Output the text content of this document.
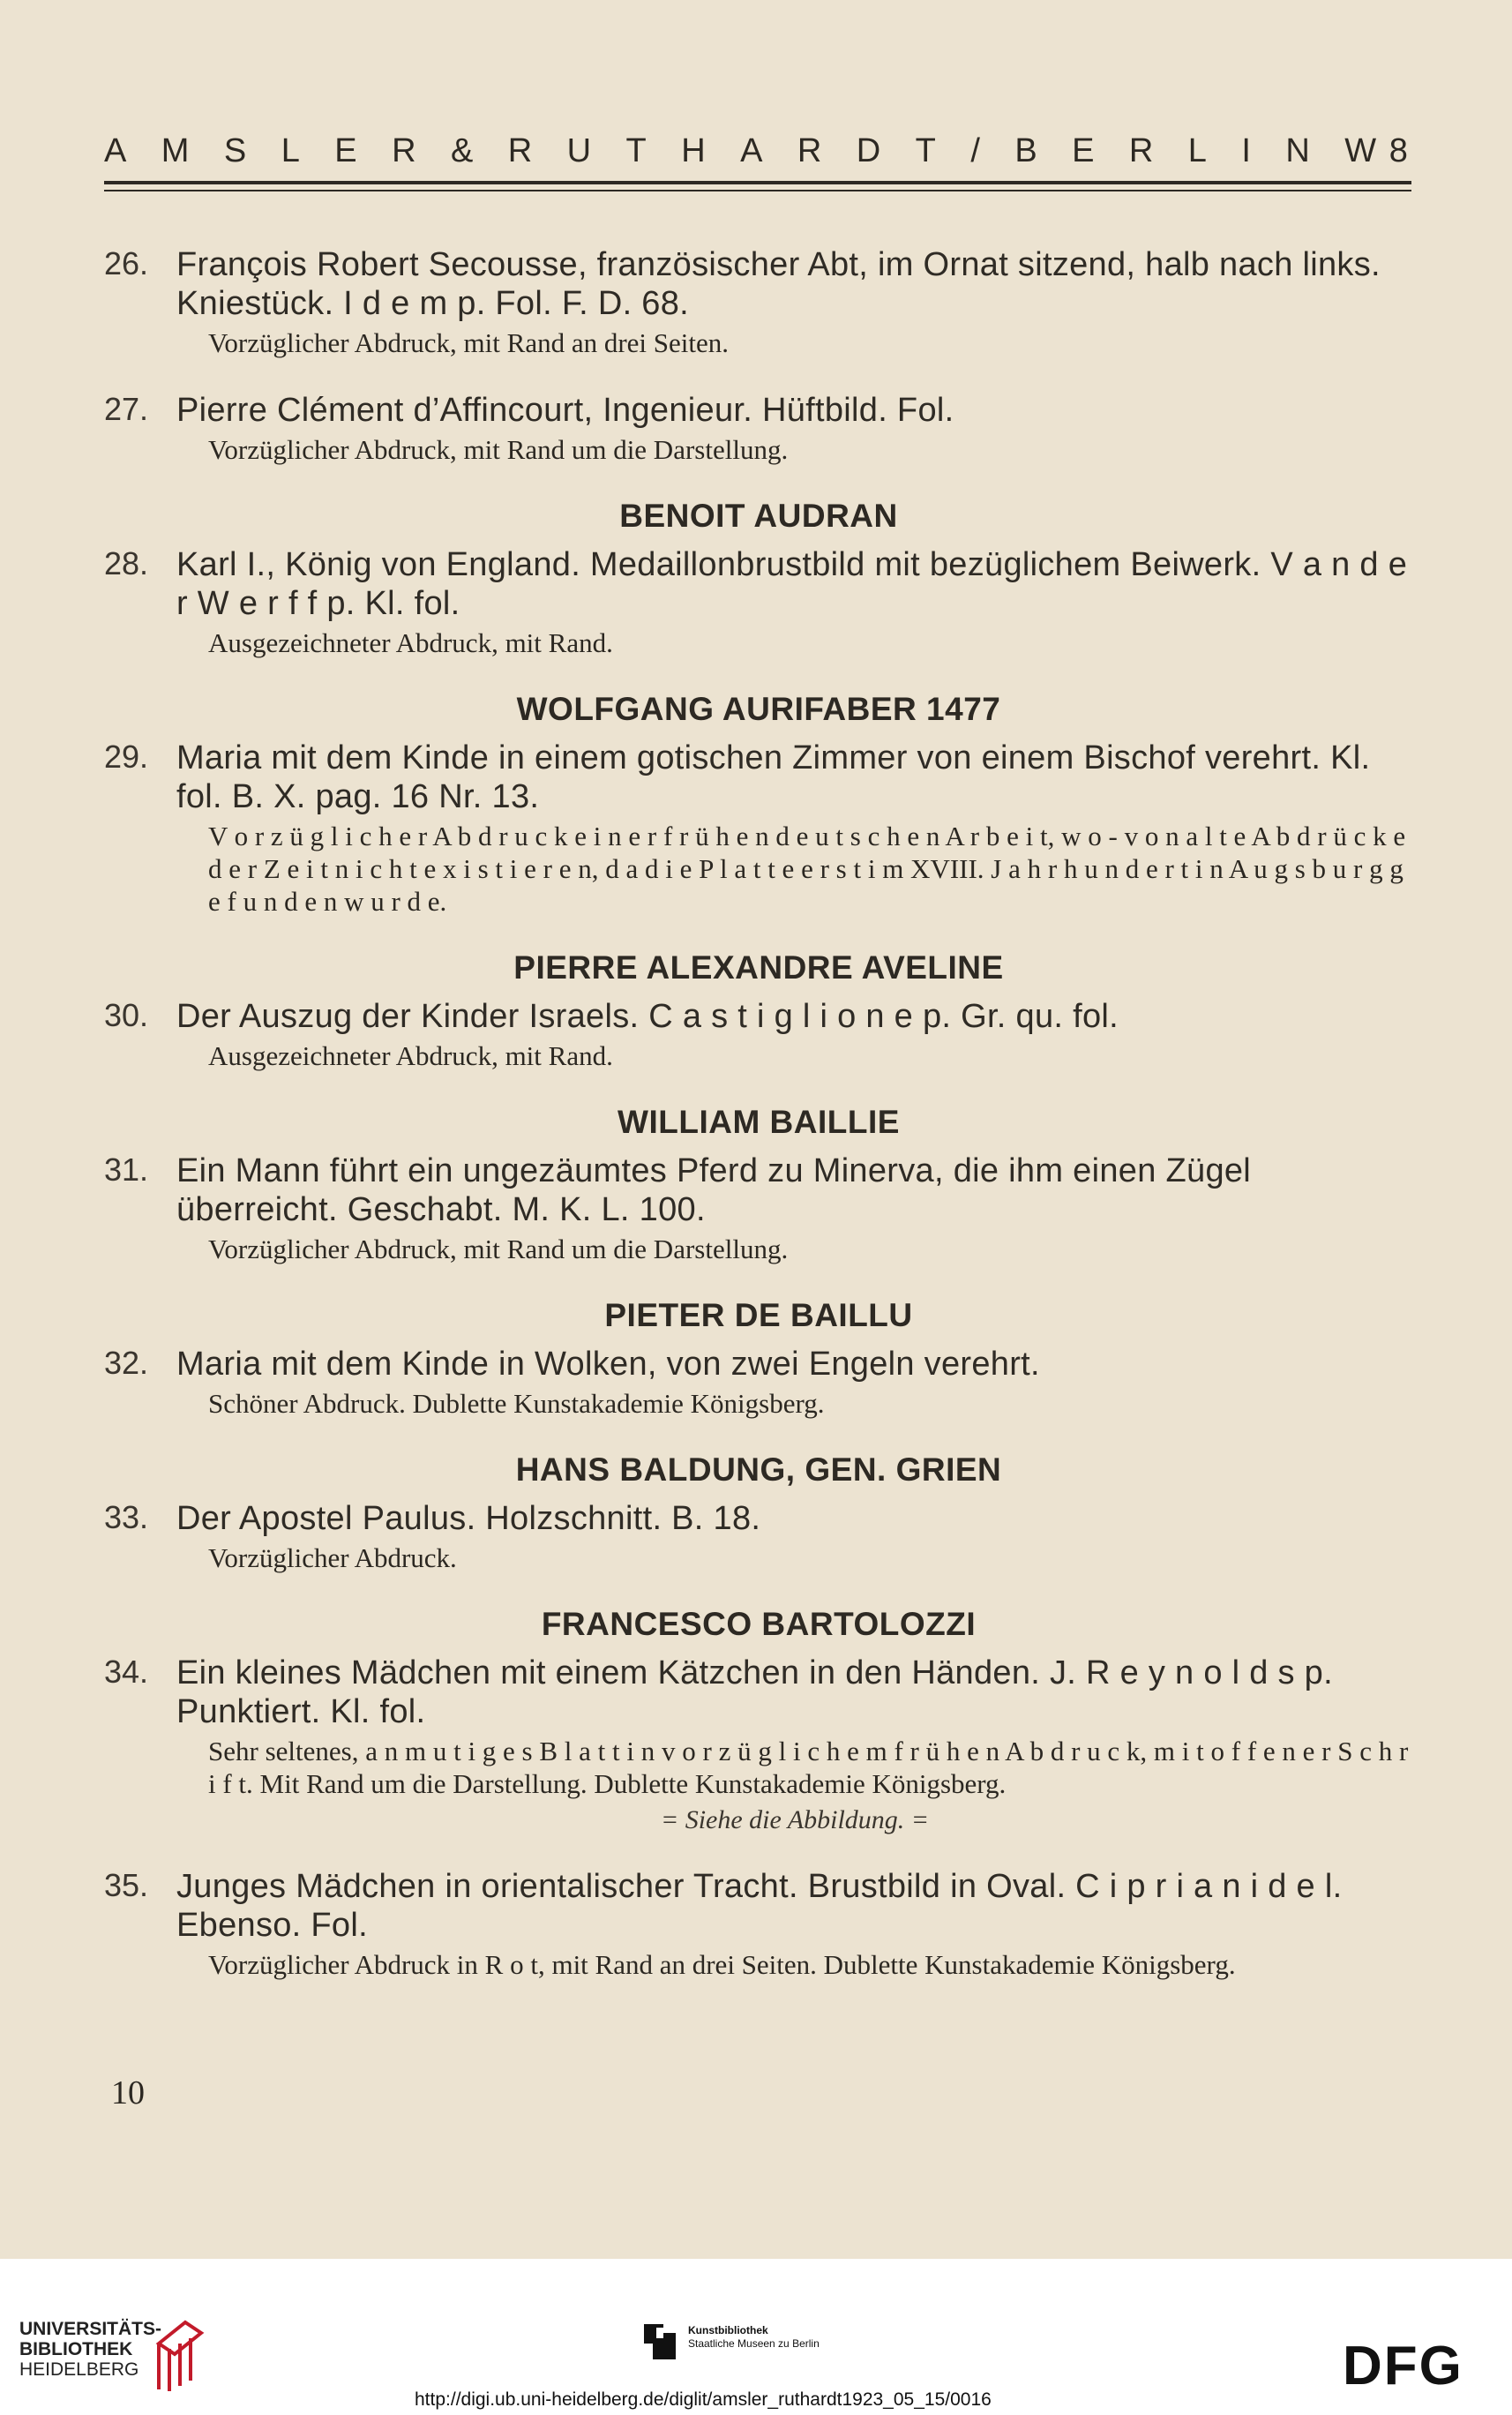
A M S L E R & R U T H A R D T / B E R L I N W 8
26. François Robert Secousse, französischer Abt, im Ornat sitzend, halb nach links. Kniestück. I d e m p. Fol. F. D. 68.
Vorzüglicher Abdruck, mit Rand an drei Seiten.
27. Pierre Clément d’Affincourt, Ingenieur. Hüftbild. Fol.
Vorzüglicher Abdruck, mit Rand um die Darstellung.
BENOIT AUDRAN
28. Karl I., König von England. Medaillonbrustbild mit bezüglichem Beiwerk. V a n d e r W e r f f p. Kl. fol.
Ausgezeichneter Abdruck, mit Rand.
WOLFGANG AURIFABER 1477
29. Maria mit dem Kinde in einem gotischen Zimmer von einem Bischof verehrt. Kl. fol. B. X. pag. 16 Nr. 13.
V o r z ü g l i c h e r A b d r u c k e i n e r f r ü h e n d e u t s c h e n A r b e i t, w o - v o n a l t e A b d r ü c k e d e r Z e i t n i c h t e x i s t i e r e n, d a d i e P l a t t e e r s t i m XVIII. J a h r h u n d e r t i n A u g s b u r g g e f u n d e n w u r d e.
PIERRE ALEXANDRE AVELINE
30. Der Auszug der Kinder Israels. C a s t i g l i o n e p. Gr. qu. fol.
Ausgezeichneter Abdruck, mit Rand.
WILLIAM BAILLIE
31. Ein Mann führt ein ungezäumtes Pferd zu Minerva, die ihm einen Zügel überreicht. Geschabt. M. K. L. 100.
Vorzüglicher Abdruck, mit Rand um die Darstellung.
PIETER DE BAILLU
32. Maria mit dem Kinde in Wolken, von zwei Engeln verehrt.
Schöner Abdruck. Dublette Kunstakademie Königsberg.
HANS BALDUNG, GEN. GRIEN
33. Der Apostel Paulus. Holzschnitt. B. 18.
Vorzüglicher Abdruck.
FRANCESCO BARTOLOZZI
34. Ein kleines Mädchen mit einem Kätzchen in den Händen. J. R e y n o l d s p. Punktiert. Kl. fol.
Sehr seltenes, a n m u t i g e s B l a t t i n v o r z ü g l i c h e m f r ü h e n A b d r u c k, m i t o f f e n e r S c h r i f t. Mit Rand um die Darstellung. Dublette Kunstakademie Königsberg.
= Siehe die Abbildung. =
35. Junges Mädchen in orientalischer Tracht. Brustbild in Oval. C i p r i a n i d e l. Ebenso. Fol.
Vorzüglicher Abdruck in R o t, mit Rand an drei Seiten. Dublette Kunstakademie Königsberg.
10
UNIVERSITÄTS-
BIBLIOTHEK
HEIDELBERG
Kunstbibliothek
Staatliche Museen zu Berlin	DFG
http://digi.ub.uni-heidelberg.de/diglit/amsler_ruthardt1923_05_15/0016
